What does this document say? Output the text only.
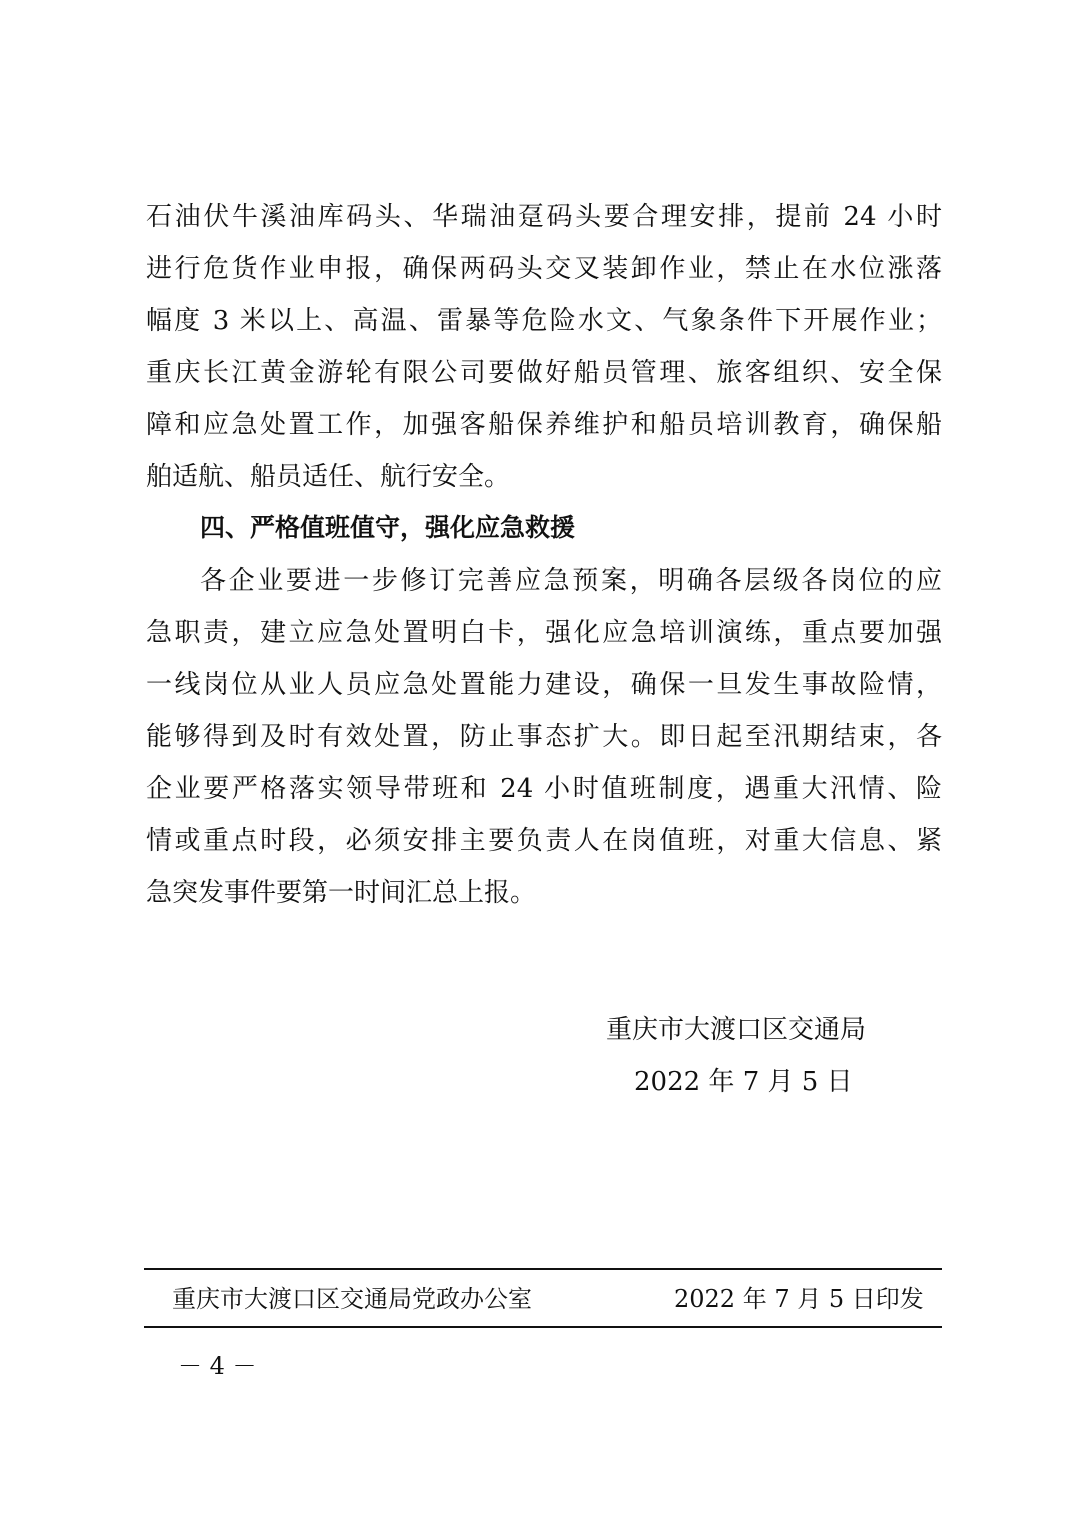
石油伏牛溪油库码头、华瑞油趸码头要合理安排，提前 24 小时
进行危货作业申报，确保两码头交叉装卸作业，禁止在水位涨落
幅度 3 米以上、高温、雷暴等危险水文、气象条件下开展作业；
重庆长江黄金游轮有限公司要做好船员管理、旅客组织、安全保
障和应急处置工作，加强客船保养维护和船员培训教育，确保船
舶适航、船员适任、航行安全。
四、严格值班值守，强化应急救援
各企业要进一步修订完善应急预案，明确各层级各岗位的应
急职责，建立应急处置明白卡，强化应急培训演练，重点要加强
一线岗位从业人员应急处置能力建设，确保一旦发生事故险情，
能够得到及时有效处置，防止事态扩大。即日起至汛期结束，各
企业要严格落实领导带班和 24 小时值班制度，遇重大汛情、险
情或重点时段，必须安排主要负责人在岗值班，对重大信息、紧
急突发事件要第一时间汇总上报。
重庆市大渡口区交通局
2022 年 7 月 5 日
重庆市大渡口区交通局党政办公室	2022 年 7 月 5 日印发
－ 4 －
